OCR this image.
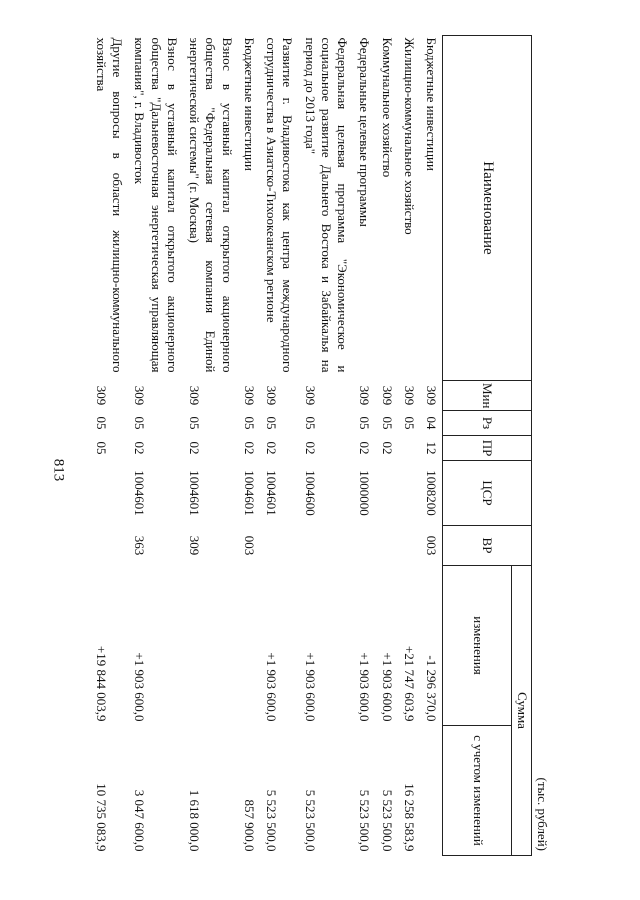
813
(тыс. рублей)
Наименование	Мин	Рз	ПР	ЦСР	ВР	Сумма	
						изменения	с учетом изменений
Бюджетные инвестиции	309	04	12	1008200	003	-1 296 370,0	
Жилищно-коммунальное хозяйство	309	05				+21 747 603,9	16 258 583,9
Коммунальное хозяйство	309	05	02			+1 903 600,0	5 523 500,0
Федеральные целевые программы	309	05	02	1000000		+1 903 600,0	5 523 500,0
Федеральная целевая программа "Экономическое и социальное развитие Дальнего Востока и Забайкалья на период до 2013 года"	309	05	02	1004600		+1 903 600,0	5 523 500,0
Развитие г. Владивостока как центра международного сотрудничества в Азиатско-Тихоокеанском регионе	309	05	02	1004601		+1 903 600,0	5 523 500,0
Бюджетные инвестиции	309	05	02	1004601	003		857 900,0
Взнос в уставный капитал открытого акционерного общества "Федеральная сетевая компания Единой энергетической системы" (г. Москва)	309	05	02	1004601	309		1 618 000,0
Взнос в уставный капитал открытого акционерного общества "Дальневосточная энергетическая управляющая компания", г. Владивосток	309	05	02	1004601	363	+1 903 600,0	3 047 600,0
Другие вопросы в области жилищно-коммунального хозяйства	309	05	05			+19 844 003,9	10 735 083,9
